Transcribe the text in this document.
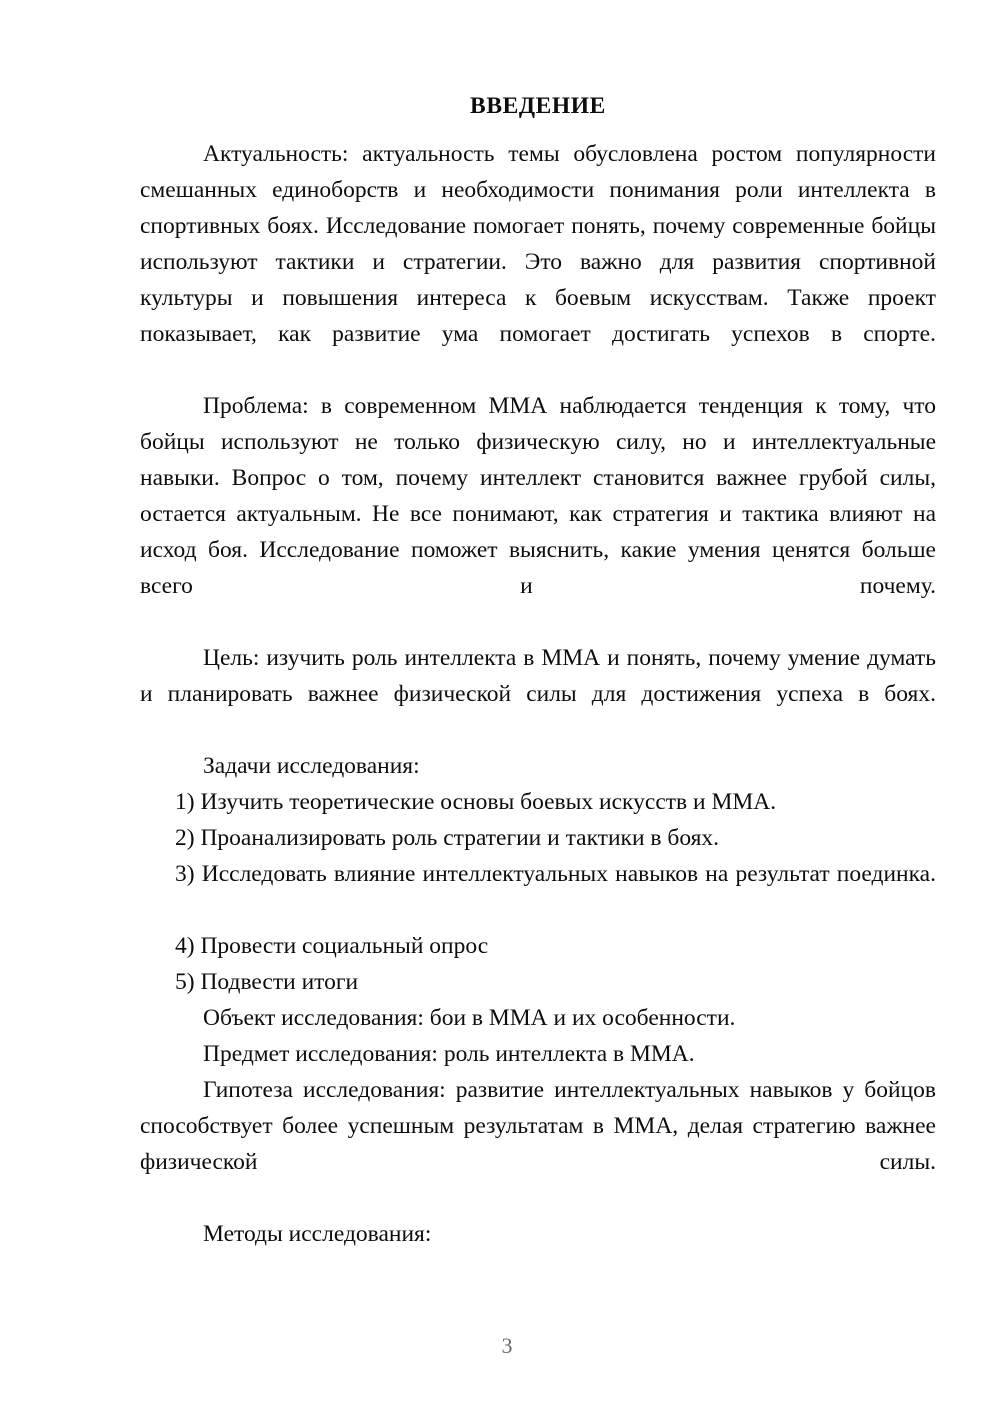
ВВЕДЕНИЕ

Актуальность: актуальность темы обусловлена ростом популярности смешанных единоборств и необходимости понимания роли интеллекта в спортивных боях. Исследование помогает понять, почему современные бойцы используют тактики и стратегии. Это важно для развития спортивной культуры и повышения интереса к боевым искусствам. Также проект показывает, как развитие ума помогает достигать успехов в спорте.

Проблема: в современном ММА наблюдается тенденция к тому, что бойцы используют не только физическую силу, но и интеллектуальные навыки. Вопрос о том, почему интеллект становится важнее грубой силы, остается актуальным. Не все понимают, как стратегия и тактика влияют на исход боя. Исследование поможет выяснить, какие умения ценятся больше всего и почему.

Цель: изучить роль интеллекта в ММА и понять, почему умение думать и планировать важнее физической силы для достижения успеха в боях.

Задачи исследования:

1) Изучить теоретические основы боевых искусств и ММА.

2) Проанализировать роль стратегии и тактики в боях.

3) Исследовать влияние интеллектуальных навыков на результат поединка.

4) Провести социальный опрос

5) Подвести итоги

Объект исследования: бои в ММА и их особенности.

Предмет исследования: роль интеллекта в ММА.

Гипотеза исследования: развитие интеллектуальных навыков у бойцов способствует более успешным результатам в ММА, делая стратегию важнее физической силы.

Методы исследования:

3
